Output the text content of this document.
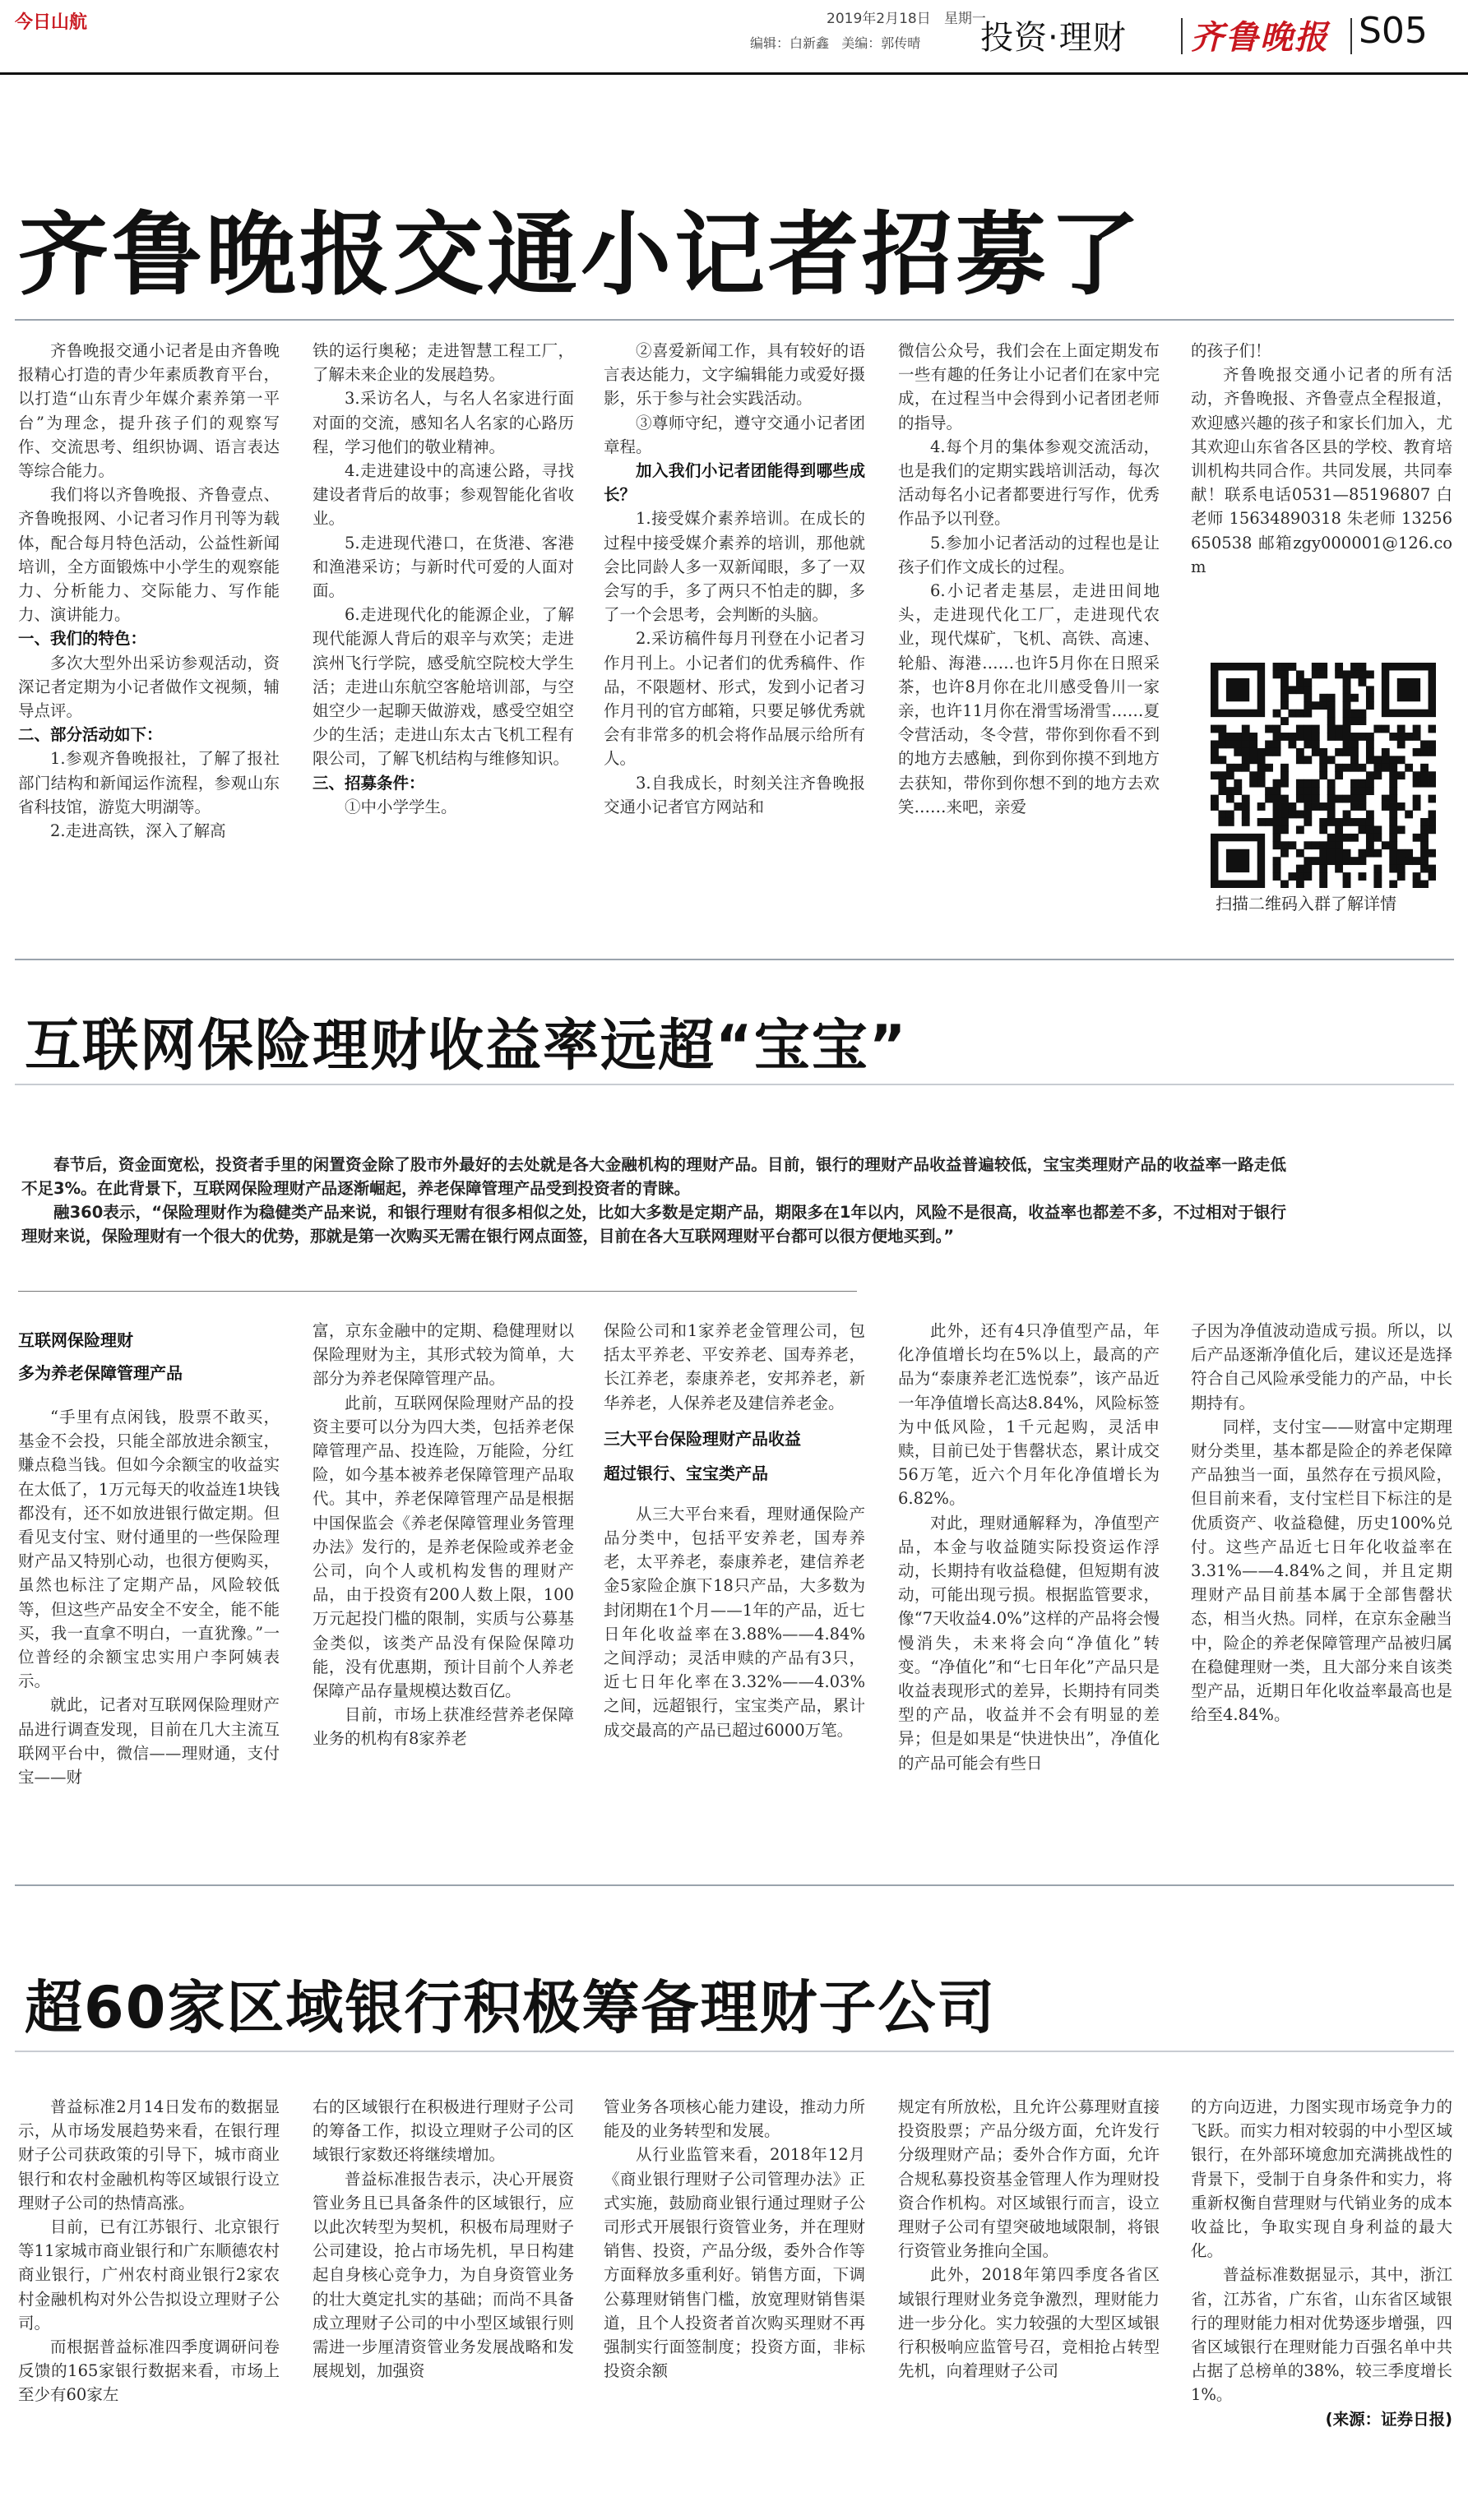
今日山航	2019年2月18日 星期一
编辑：白新鑫 美编：郭传晴 投资·理财 齐鲁晚报 S05
齐鲁晚报交通小记者招募了

齐鲁晚报交通小记者是由齐鲁晚报精心打造的青少年素质教育平台，以打造“山东青少年媒介素养第一平台”为理念，提升孩子们的观察写作、交流思考、组织协调、语言表达等综合能力。

我们将以齐鲁晚报、齐鲁壹点、齐鲁晚报网、小记者习作月刊等为载体，配合每月特色活动，公益性新闻培训，全方面锻炼中小学生的观察能力、分析能力、交际能力、写作能力、演讲能力。

一、我们的特色：

多次大型外出采访参观活动，资深记者定期为小记者做作文视频，辅导点评。

二、部分活动如下：

1.参观齐鲁晚报社，了解了报社部门结构和新闻运作流程，参观山东省科技馆，游览大明湖等。

2.走进高铁，深入了解高

铁的运行奥秘；走进智慧工程工厂，了解未来企业的发展趋势。

3.采访名人，与名人名家进行面对面的交流，感知名人名家的心路历程，学习他们的敬业精神。

4.走进建设中的高速公路，寻找建设者背后的故事；参观智能化省收业。

5.走进现代港口，在货港、客港和渔港采访；与新时代可爱的人面对面。

6.走进现代化的能源企业，了解现代能源人背后的艰辛与欢笑；走进滨州飞行学院，感受航空院校大学生活；走进山东航空客舱培训部，与空姐空少一起聊天做游戏，感受空姐空少的生活；走进山东太古飞机工程有限公司，了解飞机结构与维修知识。

三、招募条件：

①中小学学生。

②喜爱新闻工作，具有较好的语言表达能力，文字编辑能力或爱好摄影，乐于参与社会实践活动。

③尊师守纪，遵守交通小记者团章程。

加入我们小记者团能得到哪些成长？

1.接受媒介素养培训。在成长的过程中接受媒介素养的培训，那他就会比同龄人多一双新闻眼，多了一双会写的手，多了两只不怕走的脚，多了一个会思考，会判断的头脑。

2.采访稿件每月刊登在小记者习作月刊上。小记者们的优秀稿件、作品，不限题材、形式，发到小记者习作月刊的官方邮箱，只要足够优秀就会有非常多的机会将作品展示给所有人。

3.自我成长，时刻关注齐鲁晚报交通小记者官方网站和

微信公众号，我们会在上面定期发布一些有趣的任务让小记者们在家中完成，在过程当中会得到小记者团老师的指导。

4.每个月的集体参观交流活动，也是我们的定期实践培训活动，每次活动每名小记者都要进行写作，优秀作品予以刊登。

5.参加小记者活动的过程也是让孩子们作文成长的过程。

6.小记者走基层，走进田间地头，走进现代化工厂，走进现代农业，现代煤矿，飞机、高铁、高速、轮船、海港……也许5月你在日照采茶，也许8月你在北川感受鲁川一家亲，也许11月你在滑雪场滑雪……夏令营活动，冬令营，带你到你看不到的地方去感触，到你到你摸不到地方去获知，带你到你想不到的地方去欢笑……来吧，亲爱

的孩子们！

齐鲁晚报交通小记者的所有活动，齐鲁晚报、齐鲁壹点全程报道，欢迎感兴趣的孩子和家长们加入，尤其欢迎山东省各区县的学校、教育培训机构共同合作。共同发展，共同奉献！联系电话0531—85196807 白老师 15634890318 朱老师 13256650538 邮箱zgy000001@126.com

扫描二维码入群了解详情
互联网保险理财收益率远超“宝宝”

春节后，资金面宽松，投资者手里的闲置资金除了股市外最好的去处就是各大金融机构的理财产品。目前，银行的理财产品收益普遍较低，宝宝类理财产品的收益率一路走低不足3%。在此背景下，互联网保险理财产品逐渐崛起，养老保障管理产品受到投资者的青睐。

融360表示，“保险理财作为稳健类产品来说，和银行理财有很多相似之处，比如大多数是定期产品，期限多在1年以内，风险不是很高，收益率也都差不多，不过相对于银行理财来说，保险理财有一个很大的优势，那就是第一次购买无需在银行网点面签，目前在各大互联网理财平台都可以很方便地买到。”

互联网保险理财

多为养老保障管理产品

“手里有点闲钱，股票不敢买，基金不会投，只能全部放进余额宝，赚点稳当钱。但如今余额宝的收益实在太低了，1万元每天的收益连1块钱都没有，还不如放进银行做定期。但看见支付宝、财付通里的一些保险理财产品又特别心动，也很方便购买，虽然也标注了定期产品，风险较低等，但这些产品安全不安全，能不能买，我一直拿不明白，一直犹豫。”一位普经的余额宝忠实用户李阿姨表示。

就此，记者对互联网保险理财产品进行调查发现，目前在几大主流互联网平台中，微信——理财通，支付宝——财

富，京东金融中的定期、稳健理财以保险理财为主，其形式较为简单，大部分为养老保障管理产品。

此前，互联网保险理财产品的投资主要可以分为四大类，包括养老保障管理产品、投连险，万能险，分红险，如今基本被养老保障管理产品取代。其中，养老保障管理产品是根据中国保监会《养老保障管理业务管理办法》发行的，是养老保险或养老金公司，向个人或机构发售的理财产品，由于投资有200人数上限，100万元起投门槛的限制，实质与公募基金类似，该类产品没有保险保障功能，没有优惠期，预计目前个人养老保障产品存量规模达数百亿。

目前，市场上获准经营养老保障业务的机构有8家养老

保险公司和1家养老金管理公司，包括太平养老、平安养老、国寿养老，长江养老，泰康养老，安邦养老，新华养老，人保养老及建信养老金。

三大平台保险理财产品收益

超过银行、宝宝类产品

从三大平台来看，理财通保险产品分类中，包括平安养老，国寿养老，太平养老，泰康养老，建信养老金5家险企旗下18只产品，大多数为封闭期在1个月——1年的产品，近七日年化收益率在3.88%——4.84%之间浮动；灵活申赎的产品有3只，近七日年化率在3.32%——4.03%之间，远超银行，宝宝类产品，累计成交最高的产品已超过6000万笔。

此外，还有4只净值型产品，年化净值增长均在5%以上，最高的产品为“泰康养老汇选悦泰”，该产品近一年净值增长高达8.84%，风险标签为中低风险，1千元起购，灵活申赎，目前已处于售罄状态，累计成交56万笔，近六个月年化净值增长为6.82%。

对此，理财通解释为，净值型产品，本金与收益随实际投资运作浮动，长期持有收益稳健，但短期有波动，可能出现亏损。根据监管要求，像“7天收益4.0%”这样的产品将会慢慢消失，未来将会向“净值化”转变。“净值化”和“七日年化”产品只是收益表现形式的差异，长期持有同类型的产品，收益并不会有明显的差异；但是如果是“快进快出”，净值化的产品可能会有些日

子因为净值波动造成亏损。所以，以后产品逐渐净值化后，建议还是选择符合自己风险承受能力的产品，中长期持有。

同样，支付宝——财富中定期理财分类里，基本都是险企的养老保障产品独当一面，虽然存在亏损风险，但目前来看，支付宝栏目下标注的是优质资产、收益稳健，历史100%兑付。这些产品近七日年化收益率在3.31%——4.84%之间，并且定期理财产品目前基本属于全部售罄状态，相当火热。同样，在京东金融当中，险企的养老保障管理产品被归属在稳健理财一类，且大部分来自该类型产品，近期日年化收益率最高也是给至4.84%。

超60家区域银行积极筹备理财子公司

普益标准2月14日发布的数据显示，从市场发展趋势来看，在银行理财子公司获政策的引导下，城市商业银行和农村金融机构等区域银行设立理财子公司的热情高涨。

目前，已有江苏银行、北京银行等11家城市商业银行和广东顺德农村商业银行，广州农村商业银行2家农村金融机构对外公告拟设立理财子公司。

而根据普益标准四季度调研问卷反馈的165家银行数据来看，市场上至少有60家左

右的区域银行在积极进行理财子公司的筹备工作，拟设立理财子公司的区域银行家数还将继续增加。

普益标准报告表示，决心开展资管业务且已具备条件的区域银行，应以此次转型为契机，积极布局理财子公司建设，抢占市场先机，早日构建起自身核心竞争力，为自身资管业务的壮大奠定扎实的基础；而尚不具备成立理财子公司的中小型区域银行则需进一步厘清资管业务发展战略和发展规划，加强资

管业务各项核心能力建设，推动力所能及的业务转型和发展。

从行业监管来看，2018年12月《商业银行理财子公司管理办法》正式实施，鼓励商业银行通过理财子公司形式开展银行资管业务，并在理财销售、投资，产品分级，委外合作等方面释放多重利好。销售方面，下调公募理财销售门槛，放宽理财销售渠道，且个人投资者首次购买理财不再强制实行面签制度；投资方面，非标投资余额

规定有所放松，且允许公募理财直接投资股票；产品分级方面，允许发行分级理财产品；委外合作方面，允许合规私募投资基金管理人作为理财投资合作机构。对区域银行而言，设立理财子公司有望突破地域限制，将银行资管业务推向全国。

此外，2018年第四季度各省区域银行理财业务竞争激烈，理财能力进一步分化。实力较强的大型区域银行积极响应监管号召，竞相抢占转型先机，向着理财子公司

的方向迈进，力图实现市场竞争力的飞跃。而实力相对较弱的中小型区域银行，在外部环境愈加充满挑战性的背景下，受制于自身条件和实力，将重新权衡自营理财与代销业务的成本收益比，争取实现自身利益的最大化。

普益标准数据显示，其中，浙江省，江苏省，广东省，山东省区域银行的理财能力相对优势逐步增强，四省区域银行在理财能力百强名单中共占据了总榜单的38%，较三季度增长1%。

(来源：证券日报)
